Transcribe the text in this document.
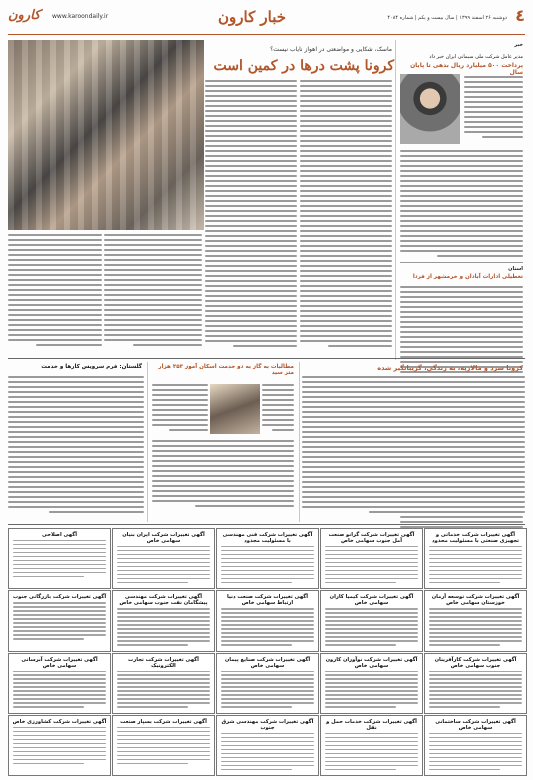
کارون www.karoondaily.ir	خبار کارون	دوشنبه ۲۶ اسفند ۱۳۹۹ | سال بیست و یکم | شماره ۴۰۸۴ ٤
خبر
مدیر عامل شرکت ملی سیمانی ایران خبر داد
پرداخت ۵۰۰ میلیارد ریال بدهی تا پایان سال
استان
تعطیلی ادارات آبادان و خرمشهر از فردا
ماسک، شکایی و مواضعتی در اهواز نایاب نیست؟
کرونا پشت درها در کمین است
کرونا سرد و مالاریه، به زندگی، گریبانگیر شده
مطالبات به گاز به دو خدمت اسکان آموز ۳۵۳ هزار متر سید
گلستان: فرم سرویس کارها و خدمت
آگهی تغییرات شرکت خدماتی و تجهیزی صنعتی با مسئولیت محدود
آگهی تغییرات شرکت گرانو صنعت آمل جنوب سهامی خاص
آگهی تغییرات شرکت فنی مهندسی با مسئولیت محدود
آگهی تغییرات شرکت ایران بنیان سهامی خاص
آگهی اصلاحی
آگهی تغییرات شرکت توسعه آرمان خوزستان سهامی خاص
آگهی تغییرات شرکت کیمیا کاران سهامی خاص
آگهی تغییرات شرکت صنعت دنیا ارتباط سهامی خاص
آگهی تغییرات شرکت مهندسی پیشگامان نفت جنوب سهامی خاص
آگهی تغییرات شرکت بازرگانی جنوب
آگهی تغییرات شرکت کارآفرینان جنوب سهامی خاص
آگهی تغییرات شرکت نوآوران کارون سهامی خاص
آگهی تغییرات شرکت صنایع پیمان سهامی خاص
آگهی تغییرات شرکت تجارت الکترونیک
آگهی تغییرات شرکت آبرسانی سهامی خاص
آگهی تغییرات شرکت ساختمانی سهامی خاص
آگهی تغییرات شرکت خدمات حمل و نقل
آگهی تغییرات شرکت مهندسی شرق جنوب
آگهی تغییرات شرکت بسپار صنعت
آگهی تغییرات شرکت کشاورزی خاص
